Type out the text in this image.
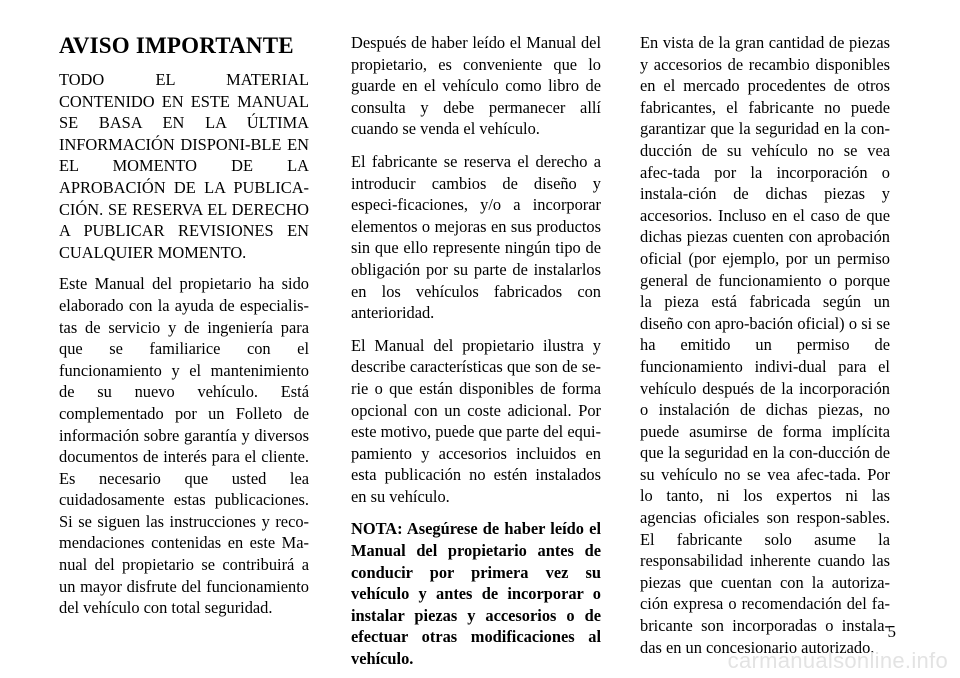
AVISO IMPORTANTE

TODO EL MATERIAL CONTENIDO EN ESTE MANUAL SE BASA EN LA ÚLTIMA INFORMACIÓN DISPONI-BLE EN EL MOMENTO DE LA APROBACIÓN DE LA PUBLICA-CIÓN. SE RESERVA EL DERECHO A PUBLICAR REVISIONES EN CUALQUIER MOMENTO.

Este Manual del propietario ha sido elaborado con la ayuda de especialis-tas de servicio y de ingeniería para que se familiarice con el funcionamiento y el mantenimiento de su nuevo vehículo. Está complementado por un Folleto de información sobre garantía y diversos documentos de interés para el cliente. Es necesario que usted lea cuidadosamente estas publicaciones. Si se siguen las instrucciones y reco-mendaciones contenidas en este Ma-nual del propietario se contribuirá a un mayor disfrute del funcionamiento del vehículo con total seguridad.

Después de haber leído el Manual del propietario, es conveniente que lo guarde en el vehículo como libro de consulta y debe permanecer allí cuando se venda el vehículo.

El fabricante se reserva el derecho a introducir cambios de diseño y especi-ficaciones, y/o a incorporar elementos o mejoras en sus productos sin que ello represente ningún tipo de obligación por su parte de instalarlos en los vehículos fabricados con anterioridad.

El Manual del propietario ilustra y describe características que son de se-rie o que están disponibles de forma opcional con un coste adicional. Por este motivo, puede que parte del equi-pamiento y accesorios incluidos en esta publicación no estén instalados en su vehículo.

NOTA: Asegúrese de haber leído el Manual del propietario antes de conducir por primera vez su vehículo y antes de incorporar o instalar piezas y accesorios o de efectuar otras modificaciones al vehículo.

En vista de la gran cantidad de piezas y accesorios de recambio disponibles en el mercado procedentes de otros fabricantes, el fabricante no puede garantizar que la seguridad en la con-ducción de su vehículo no se vea afec-tada por la incorporación o instala-ción de dichas piezas y accesorios. Incluso en el caso de que dichas piezas cuenten con aprobación oficial (por ejemplo, por un permiso general de funcionamiento o porque la pieza está fabricada según un diseño con apro-bación oficial) o si se ha emitido un permiso de funcionamiento indivi-dual para el vehículo después de la incorporación o instalación de dichas piezas, no puede asumirse de forma implícita que la seguridad en la con-ducción de su vehículo no se vea afec-tada. Por lo tanto, ni los expertos ni las agencias oficiales son respon-sables. El fabricante solo asume la responsabilidad inherente cuando las piezas que cuentan con la autoriza-ción expresa o recomendación del fa-bricante son incorporadas o instala-das en un concesionario autorizado.

5
carmanualsonline.info
